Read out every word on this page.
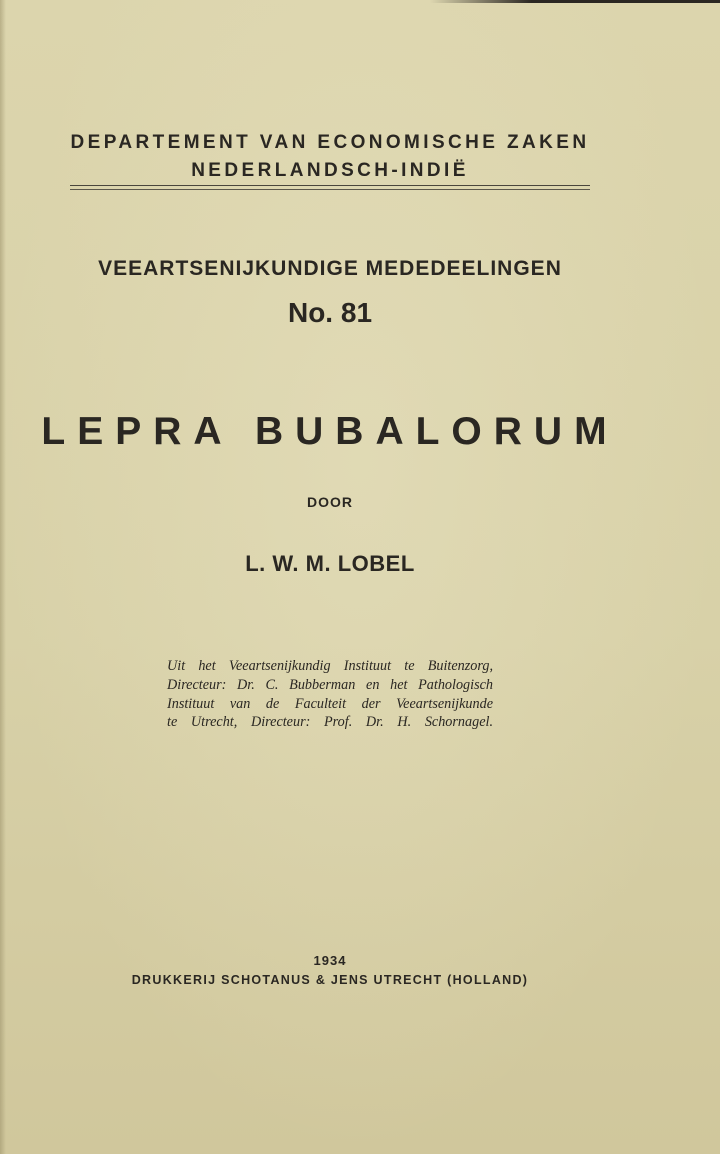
DEPARTEMENT VAN ECONOMISCHE ZAKEN
NEDERLANDSCH-INDIË
VEEARTSENIJKUNDIGE MEDEDEELINGEN
No. 81
LEPRA BUBALORUM
DOOR
L. W. M. LOBEL
Uit het Veeartsenijkundig Instituut te Buitenzorg,
Directeur: Dr. C. Bubberman en het Pathologisch
Instituut van de Faculteit der Veeartsenijkunde
te Utrecht, Directeur: Prof. Dr. H. Schornagel.
1934
DRUKKERIJ SCHOTANUS & JENS UTRECHT (HOLLAND)
